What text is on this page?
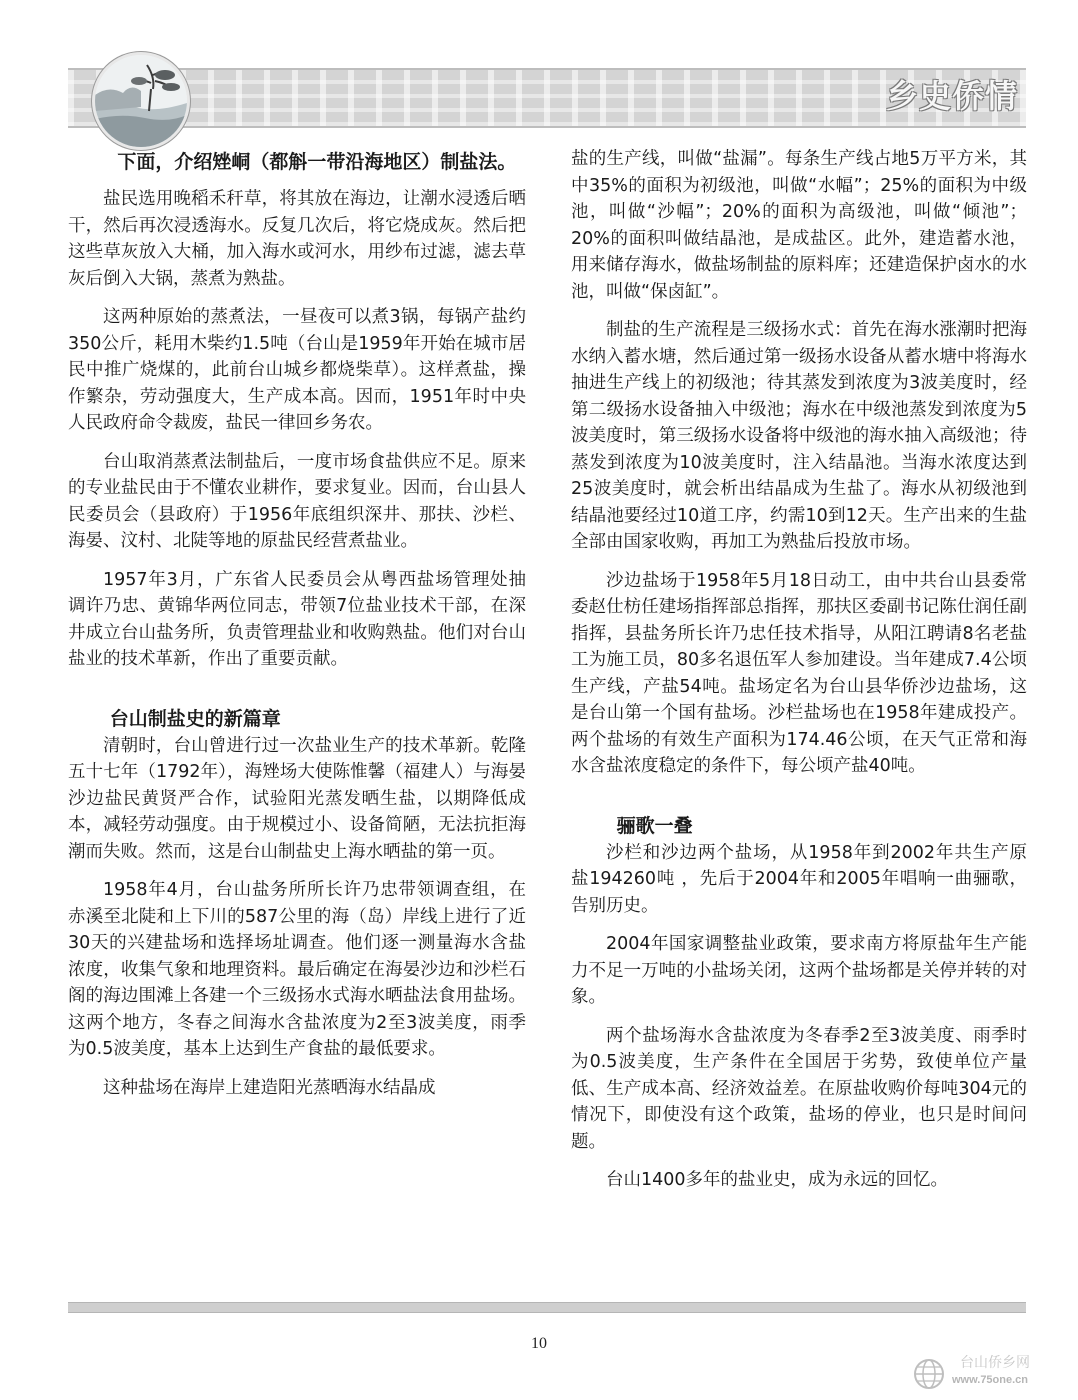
乡史侨情
下面，介绍矬峒（都斛一带沿海地区）制盐法。

盐民选用晚稻禾秆草，将其放在海边，让潮水浸透后晒干，然后再次浸透海水。反复几次后，将它烧成灰。然后把这些草灰放入大桶，加入海水或河水，用纱布过滤，滤去草灰后倒入大锅，蒸煮为熟盐。

这两种原始的蒸煮法，一昼夜可以煮3锅，每锅产盐约350公斤，耗用木柴约1.5吨（台山是1959年开始在城市居民中推广烧煤的，此前台山城乡都烧柴草）。这样煮盐，操作繁杂，劳动强度大，生产成本高。因而，1951年时中央人民政府命令裁废，盐民一律回乡务农。

台山取消蒸煮法制盐后，一度市场食盐供应不足。原来的专业盐民由于不懂农业耕作，要求复业。因而，台山县人民委员会（县政府）于1956年底组织深井、那扶、沙栏、海晏、汶村、北陡等地的原盐民经营煮盐业。

1957年3月，广东省人民委员会从粤西盐场管理处抽调许乃忠、黄锦华两位同志，带领7位盐业技术干部，在深井成立台山盐务所，负责管理盐业和收购熟盐。他们对台山盐业的技术革新，作出了重要贡献。

台山制盐史的新篇章

清朝时，台山曾进行过一次盐业生产的技术革新。乾隆五十七年（1792年），海矬场大使陈惟馨（福建人）与海晏沙边盐民黄贤严合作，试验阳光蒸发晒生盐，以期降低成本，减轻劳动强度。由于规模过小、设备简陋，无法抗拒海潮而失败。然而，这是台山制盐史上海水晒盐的第一页。

1958年4月，台山盐务所所长许乃忠带领调查组，在赤溪至北陡和上下川的587公里的海（岛）岸线上进行了近30天的兴建盐场和选择场址调查。他们逐一测量海水含盐浓度，收集气象和地理资料。最后确定在海晏沙边和沙栏石阁的海边围滩上各建一个三级扬水式海水晒盐法食用盐场。这两个地方，冬春之间海水含盐浓度为2至3波美度，雨季为0.5波美度，基本上达到生产食盐的最低要求。

这种盐场在海岸上建造阳光蒸晒海水结晶成

盐的生产线，叫做“盐漏”。每条生产线占地5万平方米，其中35%的面积为初级池，叫做“水幅”；25%的面积为中级池，叫做“沙幅”；20%的面积为高级池，叫做“倾池”；20%的面积叫做结晶池，是成盐区。此外，建造蓄水池，用来储存海水，做盐场制盐的原料库；还建造保护卤水的水池，叫做“保卤缸”。

制盐的生产流程是三级扬水式：首先在海水涨潮时把海水纳入蓄水塘，然后通过第一级扬水设备从蓄水塘中将海水抽进生产线上的初级池；待其蒸发到浓度为3波美度时，经第二级扬水设备抽入中级池；海水在中级池蒸发到浓度为5波美度时，第三级扬水设备将中级池的海水抽入高级池；待蒸发到浓度为10波美度时，注入结晶池。当海水浓度达到25波美度时，就会析出结晶成为生盐了。海水从初级池到结晶池要经过10道工序，约需10到12天。生产出来的生盐全部由国家收购，再加工为熟盐后投放市场。

沙边盐场于1958年5月18日动工，由中共台山县委常委赵仕枋任建场指挥部总指挥，那扶区委副书记陈仕润任副指挥，县盐务所长许乃忠任技术指导，从阳江聘请8名老盐工为施工员，80多名退伍军人参加建设。当年建成7.4公顷生产线，产盐54吨。盐场定名为台山县华侨沙边盐场，这是台山第一个国有盐场。沙栏盐场也在1958年建成投产。两个盐场的有效生产面积为174.46公顷，在天气正常和海水含盐浓度稳定的条件下，每公顷产盐40吨。

骊歌一叠

沙栏和沙边两个盐场，从1958年到2002年共生产原盐194260吨 ，先后于2004年和2005年唱响一曲骊歌，告别历史。

2004年国家调整盐业政策，要求南方将原盐年生产能力不足一万吨的小盐场关闭，这两个盐场都是关停并转的对象。

两个盐场海水含盐浓度为冬春季2至3波美度、雨季时为0.5波美度，生产条件在全国居于劣势，致使单位产量低、生产成本高、经济效益差。在原盐收购价每吨304元的情况下，即使没有这个政策，盐场的停业，也只是时间问题。

台山1400多年的盐业史，成为永远的回忆。

10
台山侨乡网
www.75one.cn
